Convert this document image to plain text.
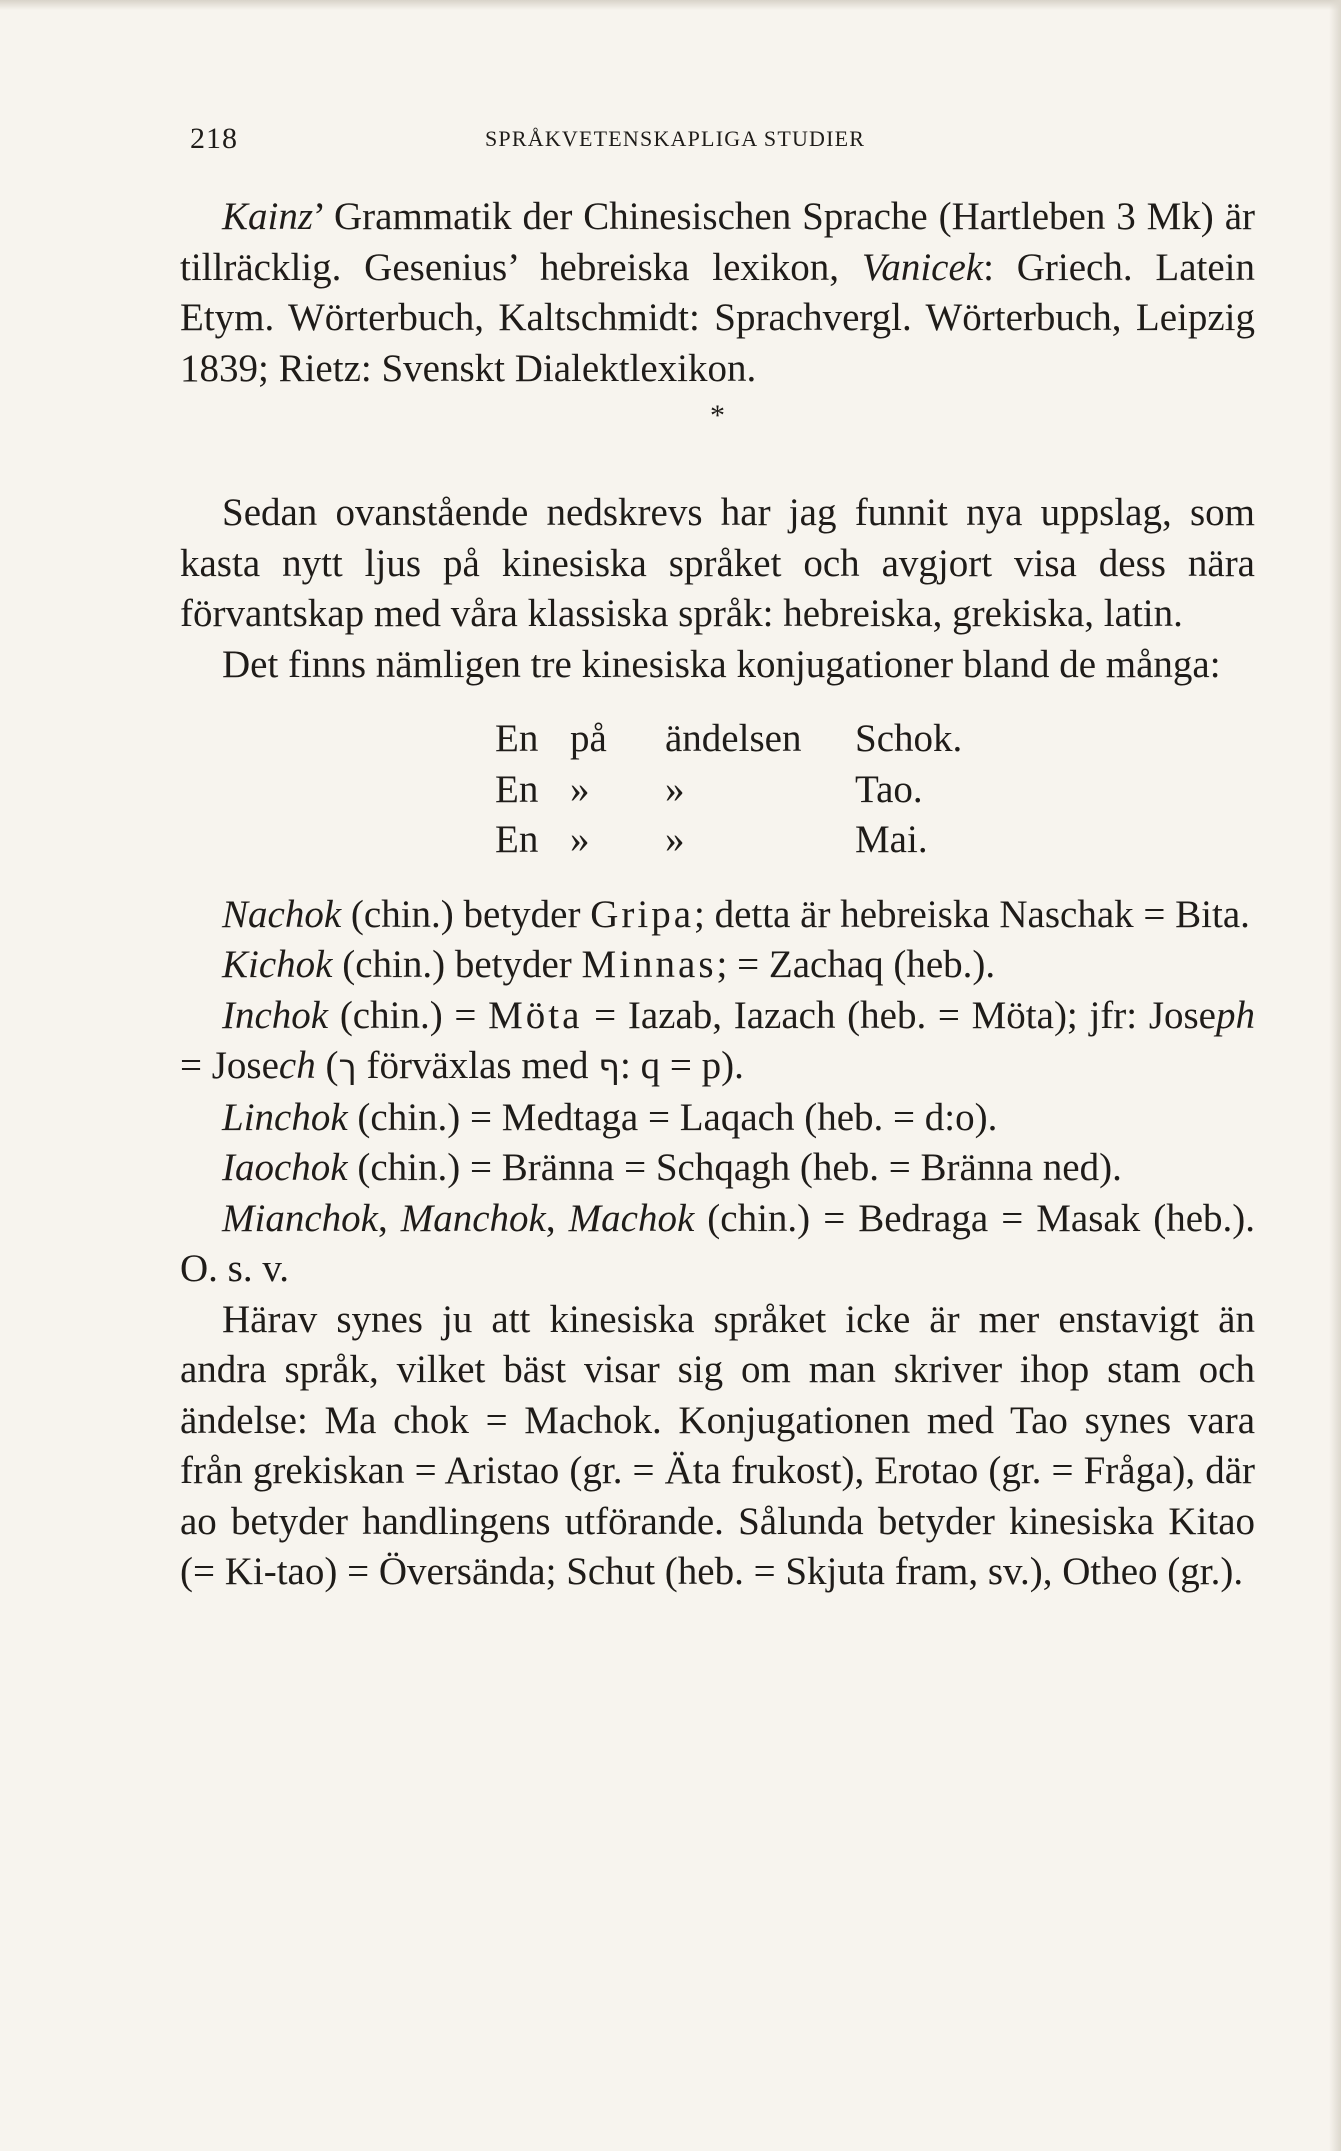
218	SPRÅKVETENSKAPLIGA STUDIER

Kainz’ Grammatik der Chinesischen Sprache (Hartleben 3 Mk) är tillräcklig. Gesenius’ hebreiska lexikon, Vanicek: Griech. Latein Etym. Wörterbuch, Kaltschmidt: Sprachvergl. Wörterbuch, Leipzig 1839; Rietz: Svenskt Dialektlexikon.

*

Sedan ovanstående nedskrevs har jag funnit nya uppslag, som kasta nytt ljus på kinesiska språket och avgjort visa dess nära förvantskap med våra klassiska språk: hebreiska, grekiska, latin.

Det finns nämligen tre kinesiska konjugationer bland de många:

En på	ändelsen	Schok.
En »	»	Tao.
En »	»	Mai.

Nachok (chin.) betyder Gripa; detta är hebreiska Naschak = Bita.

Kichok (chin.) betyder Minnas; = Zachaq (heb.).

Inchok (chin.) = Möta = Iazab, Iazach (heb. = Möta); jfr: Joseph = Josech (ך förväxlas med ף: q = p).

Linchok (chin.) = Medtaga = Laqach (heb. = d:o).

Iaochok (chin.) = Bränna = Schqagh (heb. = Bränna ned).

Mianchok, Manchok, Machok (chin.) = Bedraga = Masak (heb.). O. s. v.

Härav synes ju att kinesiska språket icke är mer enstavigt än andra språk, vilket bäst visar sig om man skriver ihop stam och ändelse: Ma chok = Machok. Konjugationen med Tao synes vara från grekiskan = Aristao (gr. = Äta frukost), Erotao (gr. = Fråga), där ao betyder handlingens utförande. Sålunda betyder kinesiska Kitao (= Ki-tao) = Översända; Schut (heb. = Skjuta fram, sv.), Otheo (gr.).
